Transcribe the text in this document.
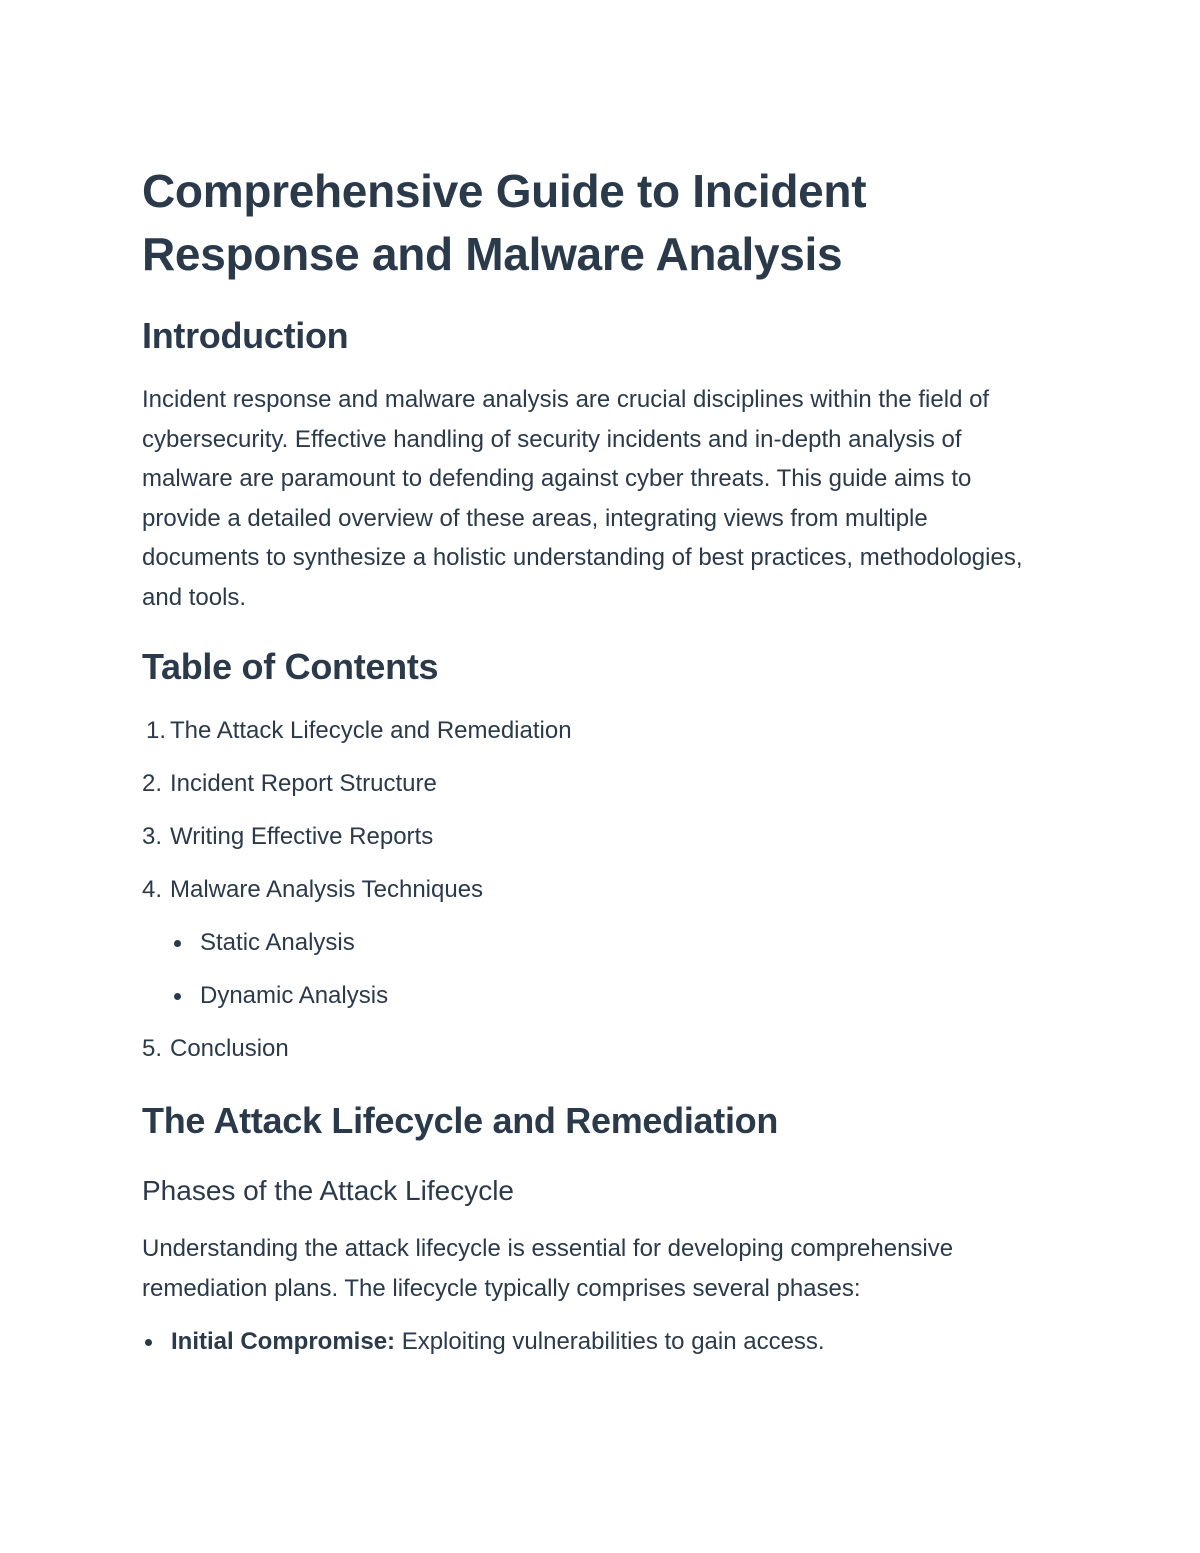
Comprehensive Guide to Incident Response and Malware Analysis
Introduction

Incident response and malware analysis are crucial disciplines within the field of cybersecurity. Effective handling of security incidents and in-depth analysis of malware are paramount to defending against cyber threats. This guide aims to provide a detailed overview of these areas, integrating views from multiple documents to synthesize a holistic understanding of best practices, methodologies, and tools.

Table of Contents
1. The Attack Lifecycle and Remediation
2. Incident Report Structure
3. Writing Effective Reports
4. Malware Analysis Techniques
Static Analysis
Dynamic Analysis
5. Conclusion
The Attack Lifecycle and Remediation
Phases of the Attack Lifecycle

Understanding the attack lifecycle is essential for developing comprehensive remediation plans. The lifecycle typically comprises several phases:

Initial Compromise: Exploiting vulnerabilities to gain access.
